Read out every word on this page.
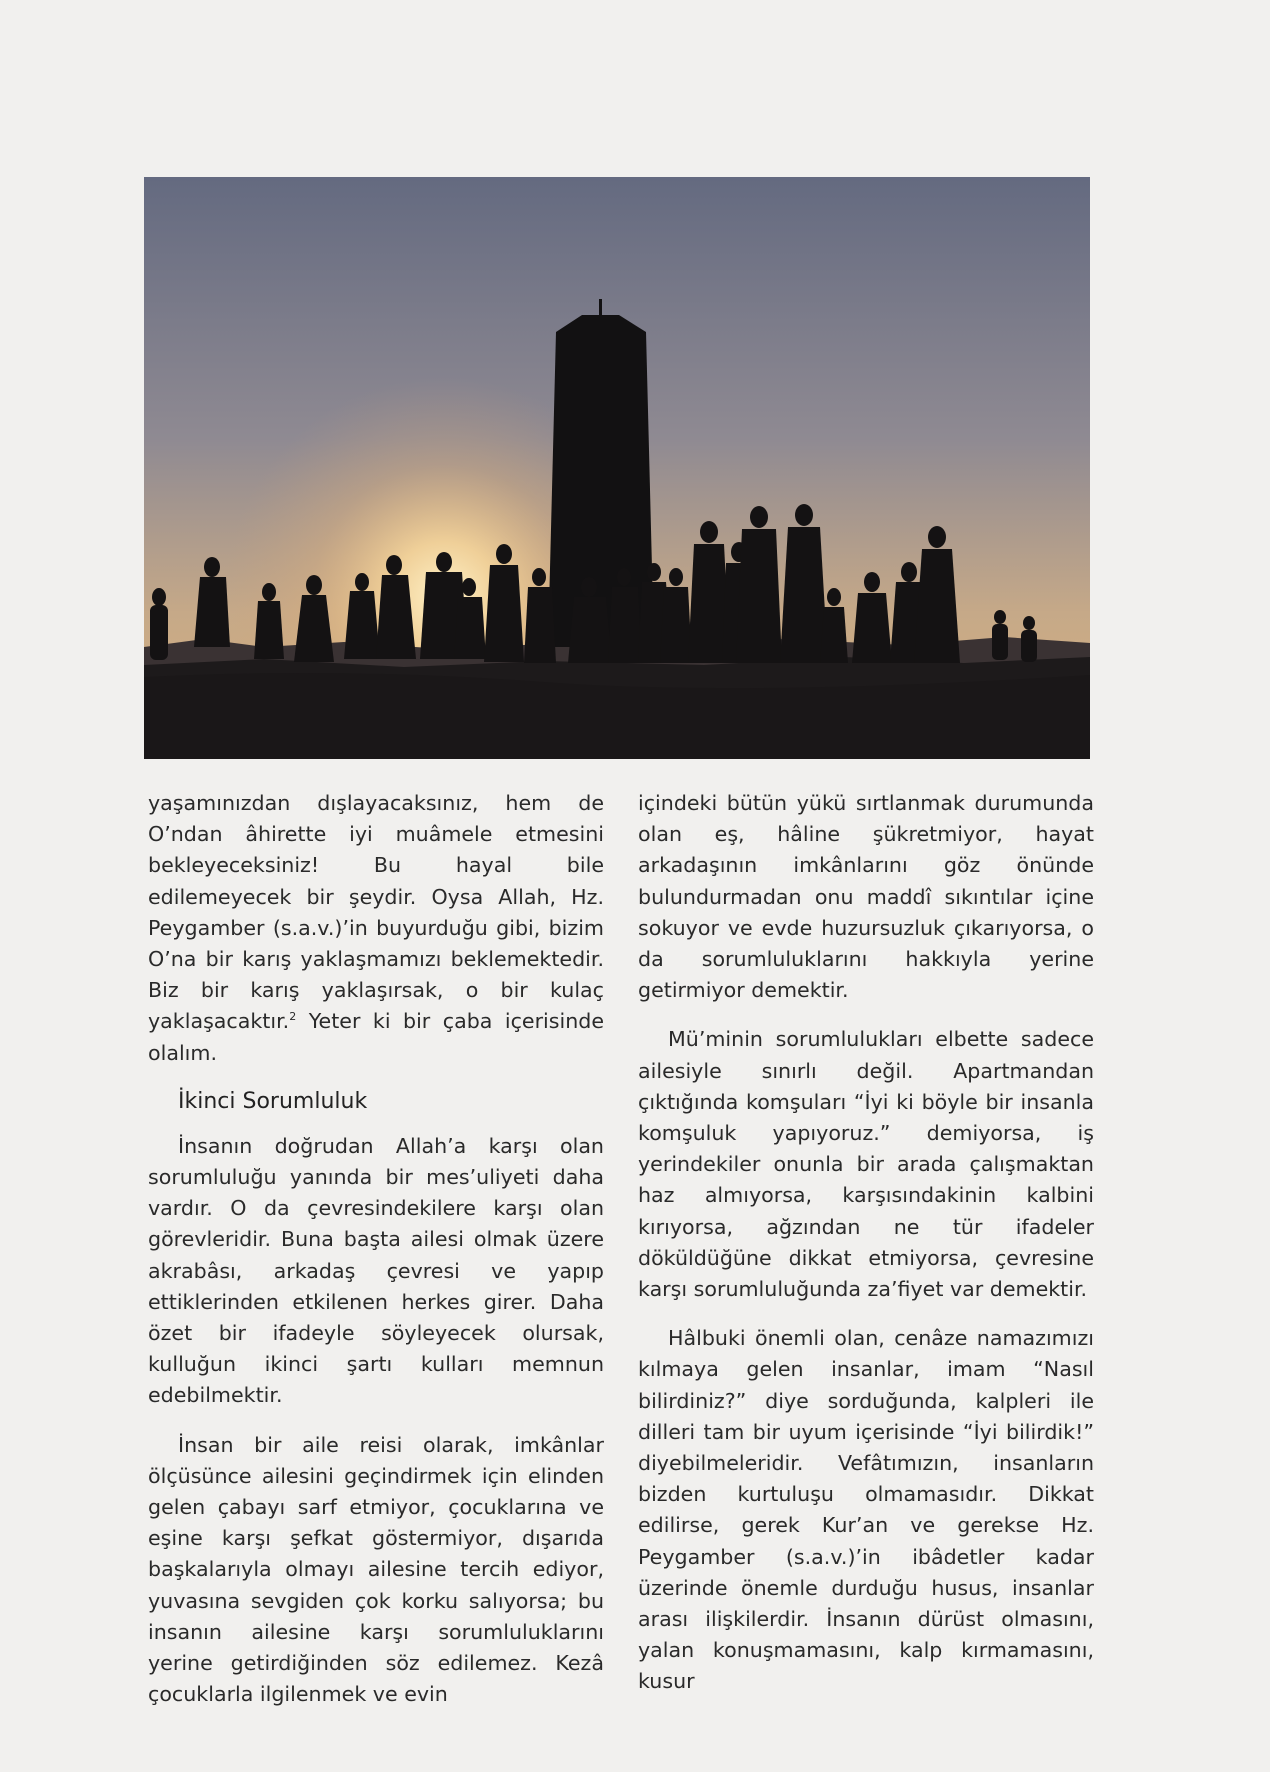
yaşamınızdan dışlayacaksınız, hem de O’ndan âhirette iyi muâmele etmesini bekleyeceksiniz! Bu hayal bile edilemeyecek bir şeydir. Oysa Allah, Hz. Peygamber (s.a.v.)’in buyurduğu gibi, bizim O’na bir karış yaklaşmamızı beklemektedir. Biz bir karış yaklaşırsak, o bir kulaç yaklaşacaktır.$^2$ Yeter ki bir çaba içerisinde olalım.

İkinci Sorumluluk

İnsanın doğrudan Allah’a karşı olan sorumluluğu yanında bir mes’uliyeti daha vardır. O da çevresindekilere karşı olan görevleridir. Buna başta ailesi olmak üzere akrabâsı, arkadaş çevresi ve yapıp ettiklerinden etkilenen herkes girer. Daha özet bir ifadeyle söyleyecek olursak, kulluğun ikinci şartı kulları memnun edebilmektir.

İnsan bir aile reisi olarak, imkânlar ölçüsünce ailesini geçindirmek için elinden gelen çabayı sarf etmiyor, çocuklarına ve eşine karşı şefkat göstermiyor, dışarıda başkalarıyla olmayı ailesine tercih ediyor, yuvasına sevgiden çok korku salıyorsa; bu insanın ailesine karşı sorumluluklarını yerine getirdiğinden söz edilemez. Kezâ çocuklarla ilgilenmek ve evin

içindeki bütün yükü sırtlanmak durumunda olan eş, hâline şükretmiyor, hayat arkadaşının imkânlarını göz önünde bulundurmadan onu maddî sıkıntılar içine sokuyor ve evde huzursuzluk çıkarıyorsa, o da sorumluluklarını hakkıyla yerine getirmiyor demektir.

Mü’minin sorumlulukları elbette sadece ailesiyle sınırlı değil. Apartmandan çıktığında komşuları “İyi ki böyle bir insanla komşuluk yapıyoruz.” demiyorsa, iş yerindekiler onunla bir arada çalışmaktan haz almıyorsa, karşısındakinin kalbini kırıyorsa, ağzından ne tür ifadeler döküldüğüne dikkat etmiyorsa, çevresine karşı sorumluluğunda za’fiyet var demektir.

Hâlbuki önemli olan, cenâze namazımızı kılmaya gelen insanlar, imam “Nasıl bilirdiniz?” diye sorduğunda, kalpleri ile dilleri tam bir uyum içerisinde “İyi bilirdik!” diyebilmeleridir. Vefâtımızın, insanların bizden kurtuluşu olmamasıdır. Dikkat edilirse, gerek Kur’an ve gerekse Hz. Peygamber (s.a.v.)’in ibâdetler kadar üzerinde önemle durduğu husus, insanlar arası ilişkilerdir. İnsanın dürüst olmasını, yalan konuşmamasını, kalp kırmamasını, kusur
